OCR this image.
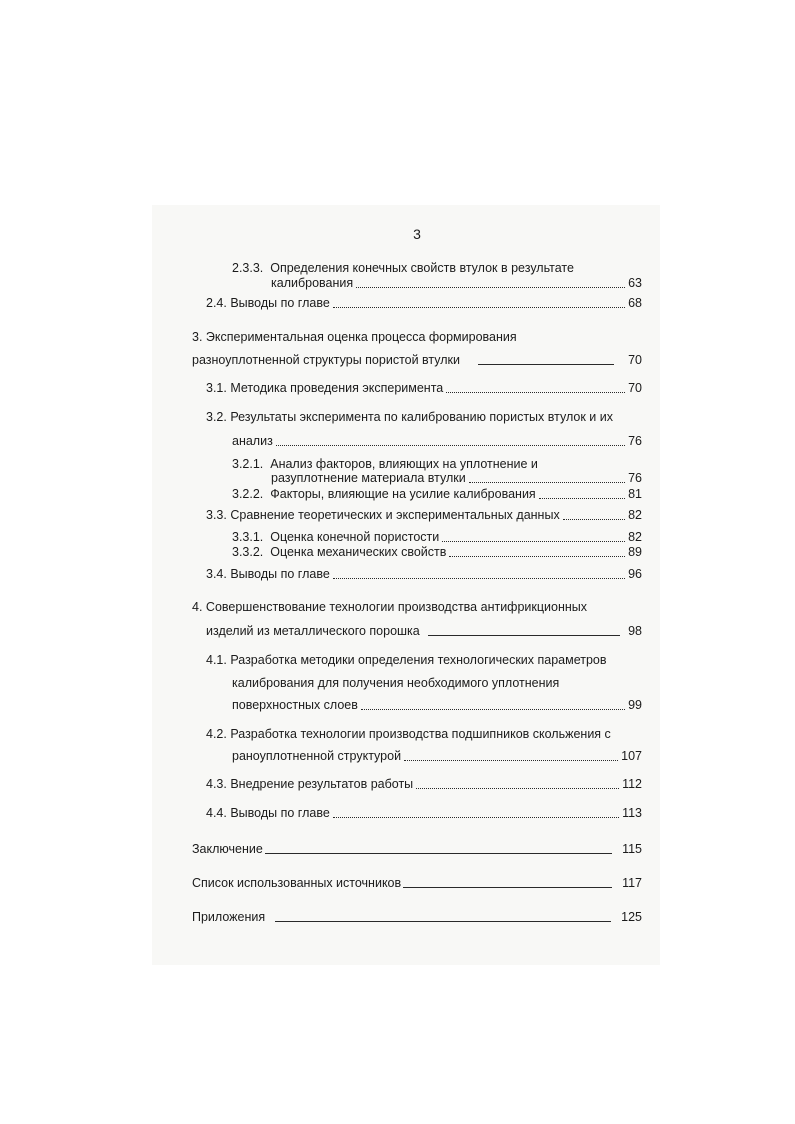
3
2.3.3. Определения конечных свойств втулок в результате
калибрования	63
2.4. Выводы по главе	68
3. Экспериментальная оценка процесса формирования
разноуплотненной структуры пористой втулки	70
3.1. Методика проведения эксперимента	70
3.2. Результаты эксперимента по калиброванию пористых втулок и их
анализ	76
3.2.1. Анализ факторов, влияющих на уплотнение и
разуплотнение материала втулки	76
3.2.2. Факторы, влияющие на усилие калибрования	81
3.3. Сравнение теоретических и экспериментальных данных	82
3.3.1. Оценка конечной пористости	82
3.3.2. Оценка механических свойств	89
3.4. Выводы по главе	96
4. Совершенствование технологии производства антифрикционных
изделий из металлического порошка	98
4.1. Разработка методики определения технологических параметров
калибрования для получения необходимого уплотнения
поверхностных слоев	99
4.2. Разработка технологии производства подшипников скольжения с
раноуплотненной структурой	107
4.3. Внедрение результатов работы	112
4.4. Выводы по главе	113
Заключение	115
Список использованных источников	117
Приложения	125
